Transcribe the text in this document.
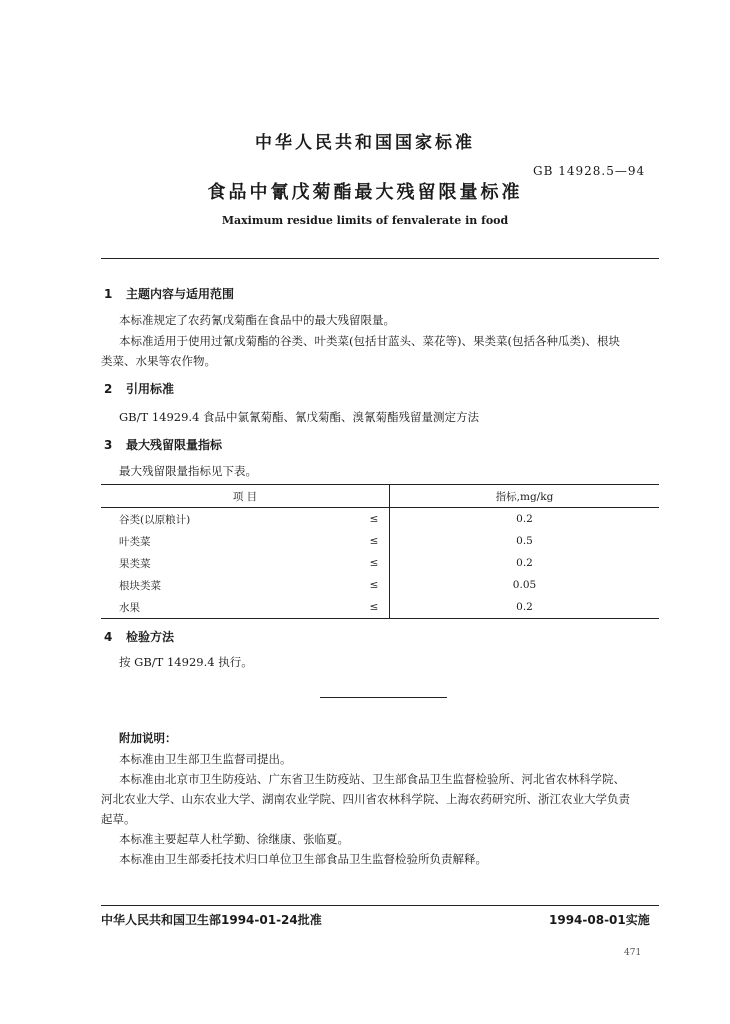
中华人民共和国国家标准
GB 14928.5—94
食品中氰戊菊酯最大残留限量标准
Maximum residue limits of fenvalerate in food
1 主题内容与适用范围
本标准规定了农药氰戊菊酯在食品中的最大残留限量。
本标准适用于使用过氰戊菊酯的谷类、叶类菜(包括甘蓝头、菜花等)、果类菜(包括各种瓜类)、根块
类菜、水果等农作物。
2 引用标准
GB/T 14929.4 食品中氯氰菊酯、氰戊菊酯、溴氰菊酯残留量测定方法
3 最大残留限量指标
最大残留限量指标见下表。
项 目		指标,mg/kg
谷类(以原粮计)	≤	0.2
叶类菜	≤	0.5
果类菜	≤	0.2
根块类菜	≤	0.05
水果	≤	0.2
4 检验方法
按 GB/T 14929.4 执行。
附加说明：
本标准由卫生部卫生监督司提出。
本标准由北京市卫生防疫站、广东省卫生防疫站、卫生部食品卫生监督检验所、河北省农林科学院、
河北农业大学、山东农业大学、湖南农业学院、四川省农林科学院、上海农药研究所、浙江农业大学负责
起草。
本标准主要起草人杜学勤、徐继康、张临夏。
本标准由卫生部委托技术归口单位卫生部食品卫生监督检验所负责解释。
中华人民共和国卫生部1994-01-24批准	1994-08-01实施
471
